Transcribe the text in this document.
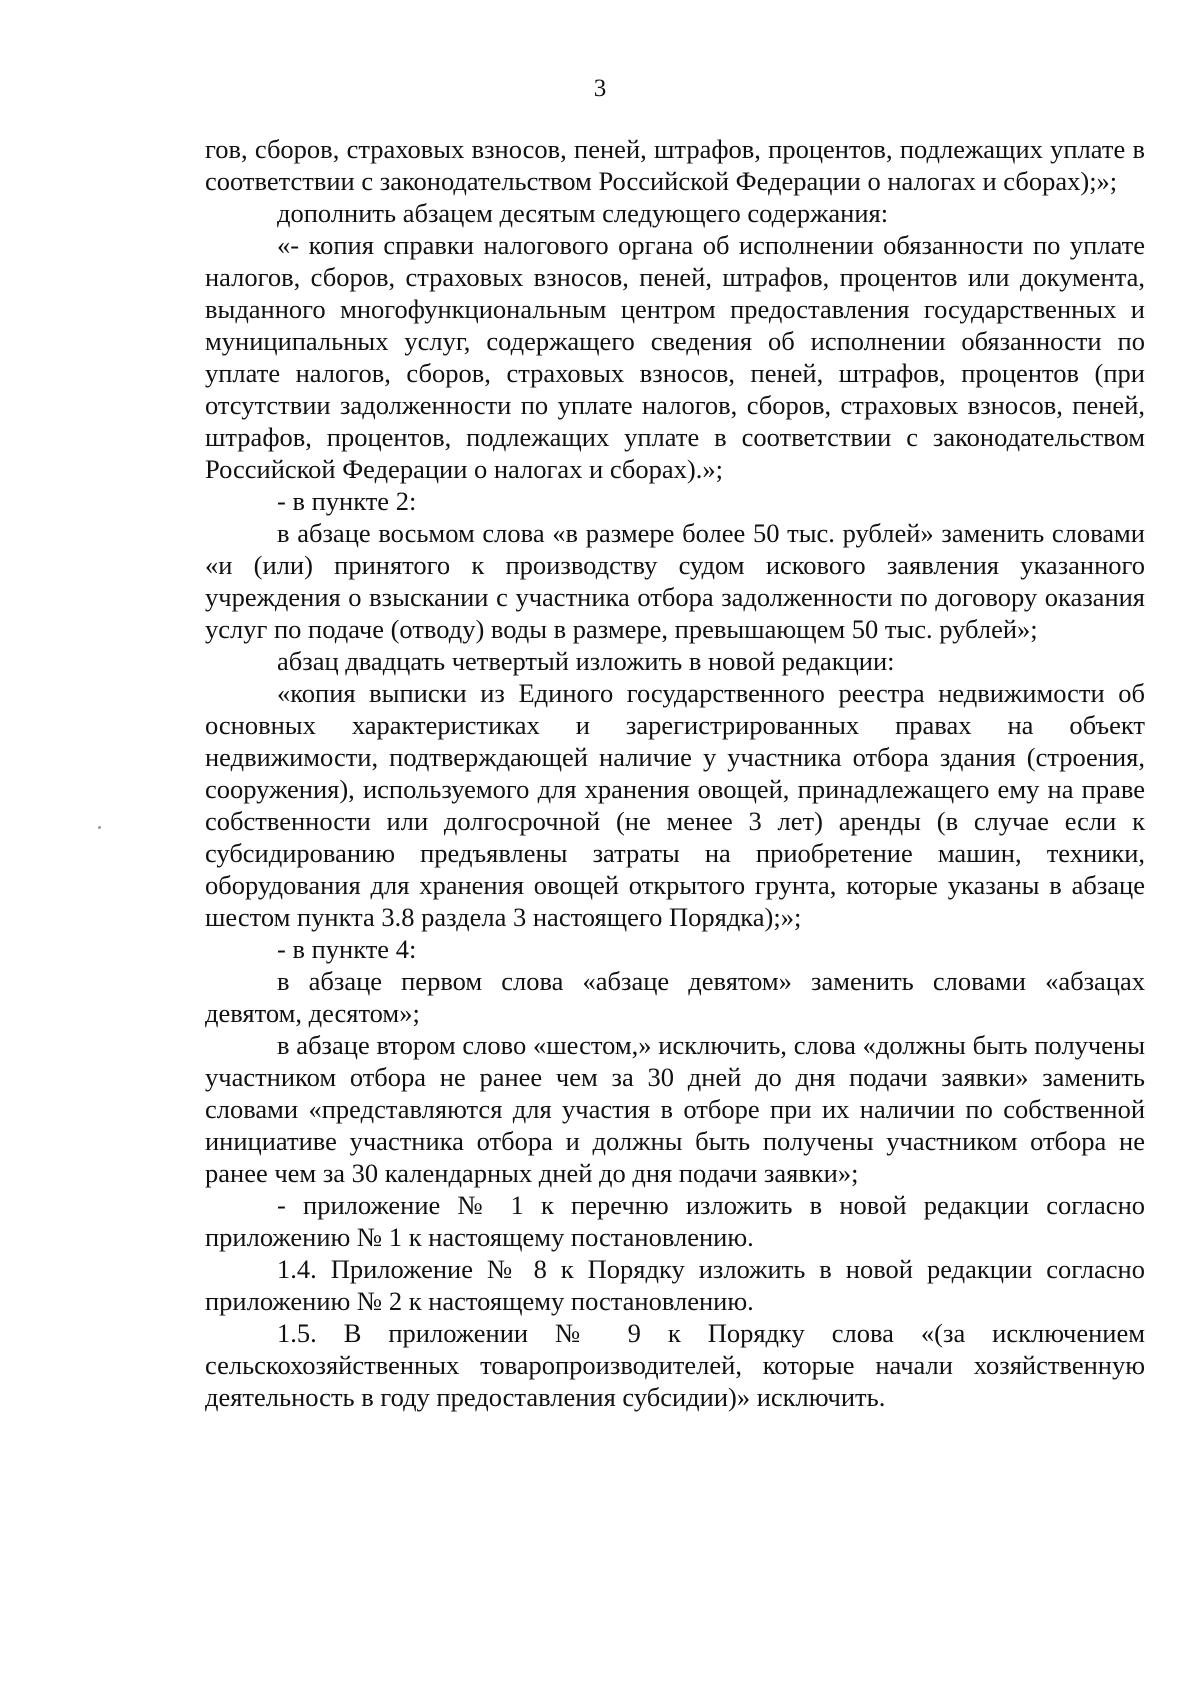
3

гов, сборов, страховых взносов, пеней, штрафов, процентов, подлежащих уплате в соответствии с законодательством Российской Федерации о налогах и сборах);»;

дополнить абзацем десятым следующего содержания:

«- копия справки налогового органа об исполнении обязанности по уплате налогов, сборов, страховых взносов, пеней, штрафов, процентов или документа, выданного многофункциональным центром предоставления государственных и муниципальных услуг, содержащего сведения об исполнении обязанности по уплате налогов, сборов, страховых взносов, пеней, штрафов, процентов (при отсутствии задолженности по уплате налогов, сборов, страховых взносов, пеней, штрафов, процентов, подлежащих уплате в соответствии с законодательством Российской Федерации о налогах и сборах).»;

- в пункте 2:

в абзаце восьмом слова «в размере более 50 тыс. рублей» заменить словами «и (или) принятого к производству судом искового заявления указанного учреждения о взыскании с участника отбора задолженности по договору оказания услуг по подаче (отводу) воды в размере, превышающем 50 тыс. рублей»;

абзац двадцать четвертый изложить в новой редакции:

«копия выписки из Единого государственного реестра недвижимости об основных характеристиках и зарегистрированных правах на объект недвижимости, подтверждающей наличие у участника отбора здания (строения, сооружения), используемого для хранения овощей, принадлежащего ему на праве собственности или долгосрочной (не менее 3 лет) аренды (в случае если к субсидированию предъявлены затраты на приобретение машин, техники, оборудования для хранения овощей открытого грунта, которые указаны в абзаце шестом пункта 3.8 раздела 3 настоящего Порядка);»;

- в пункте 4:

в абзаце первом слова «абзаце девятом» заменить словами «абзацах девятом, десятом»;

в абзаце втором слово «шестом,» исключить, слова «должны быть получены участником отбора не ранее чем за 30 дней до дня подачи заявки» заменить словами «представляются для участия в отборе при их наличии по собственной инициативе участника отбора и должны быть получены участником отбора не ранее чем за 30 календарных дней до дня подачи заявки»;

- приложение № 1 к перечню изложить в новой редакции согласно приложению № 1 к настоящему постановлению.

1.4. Приложение № 8 к Порядку изложить в новой редакции согласно приложению № 2 к настоящему постановлению.

1.5. В приложении № 9 к Порядку слова «(за исключением сельскохозяйственных товаропроизводителей, которые начали хозяйственную деятельность в году предоставления субсидии)» исключить.
